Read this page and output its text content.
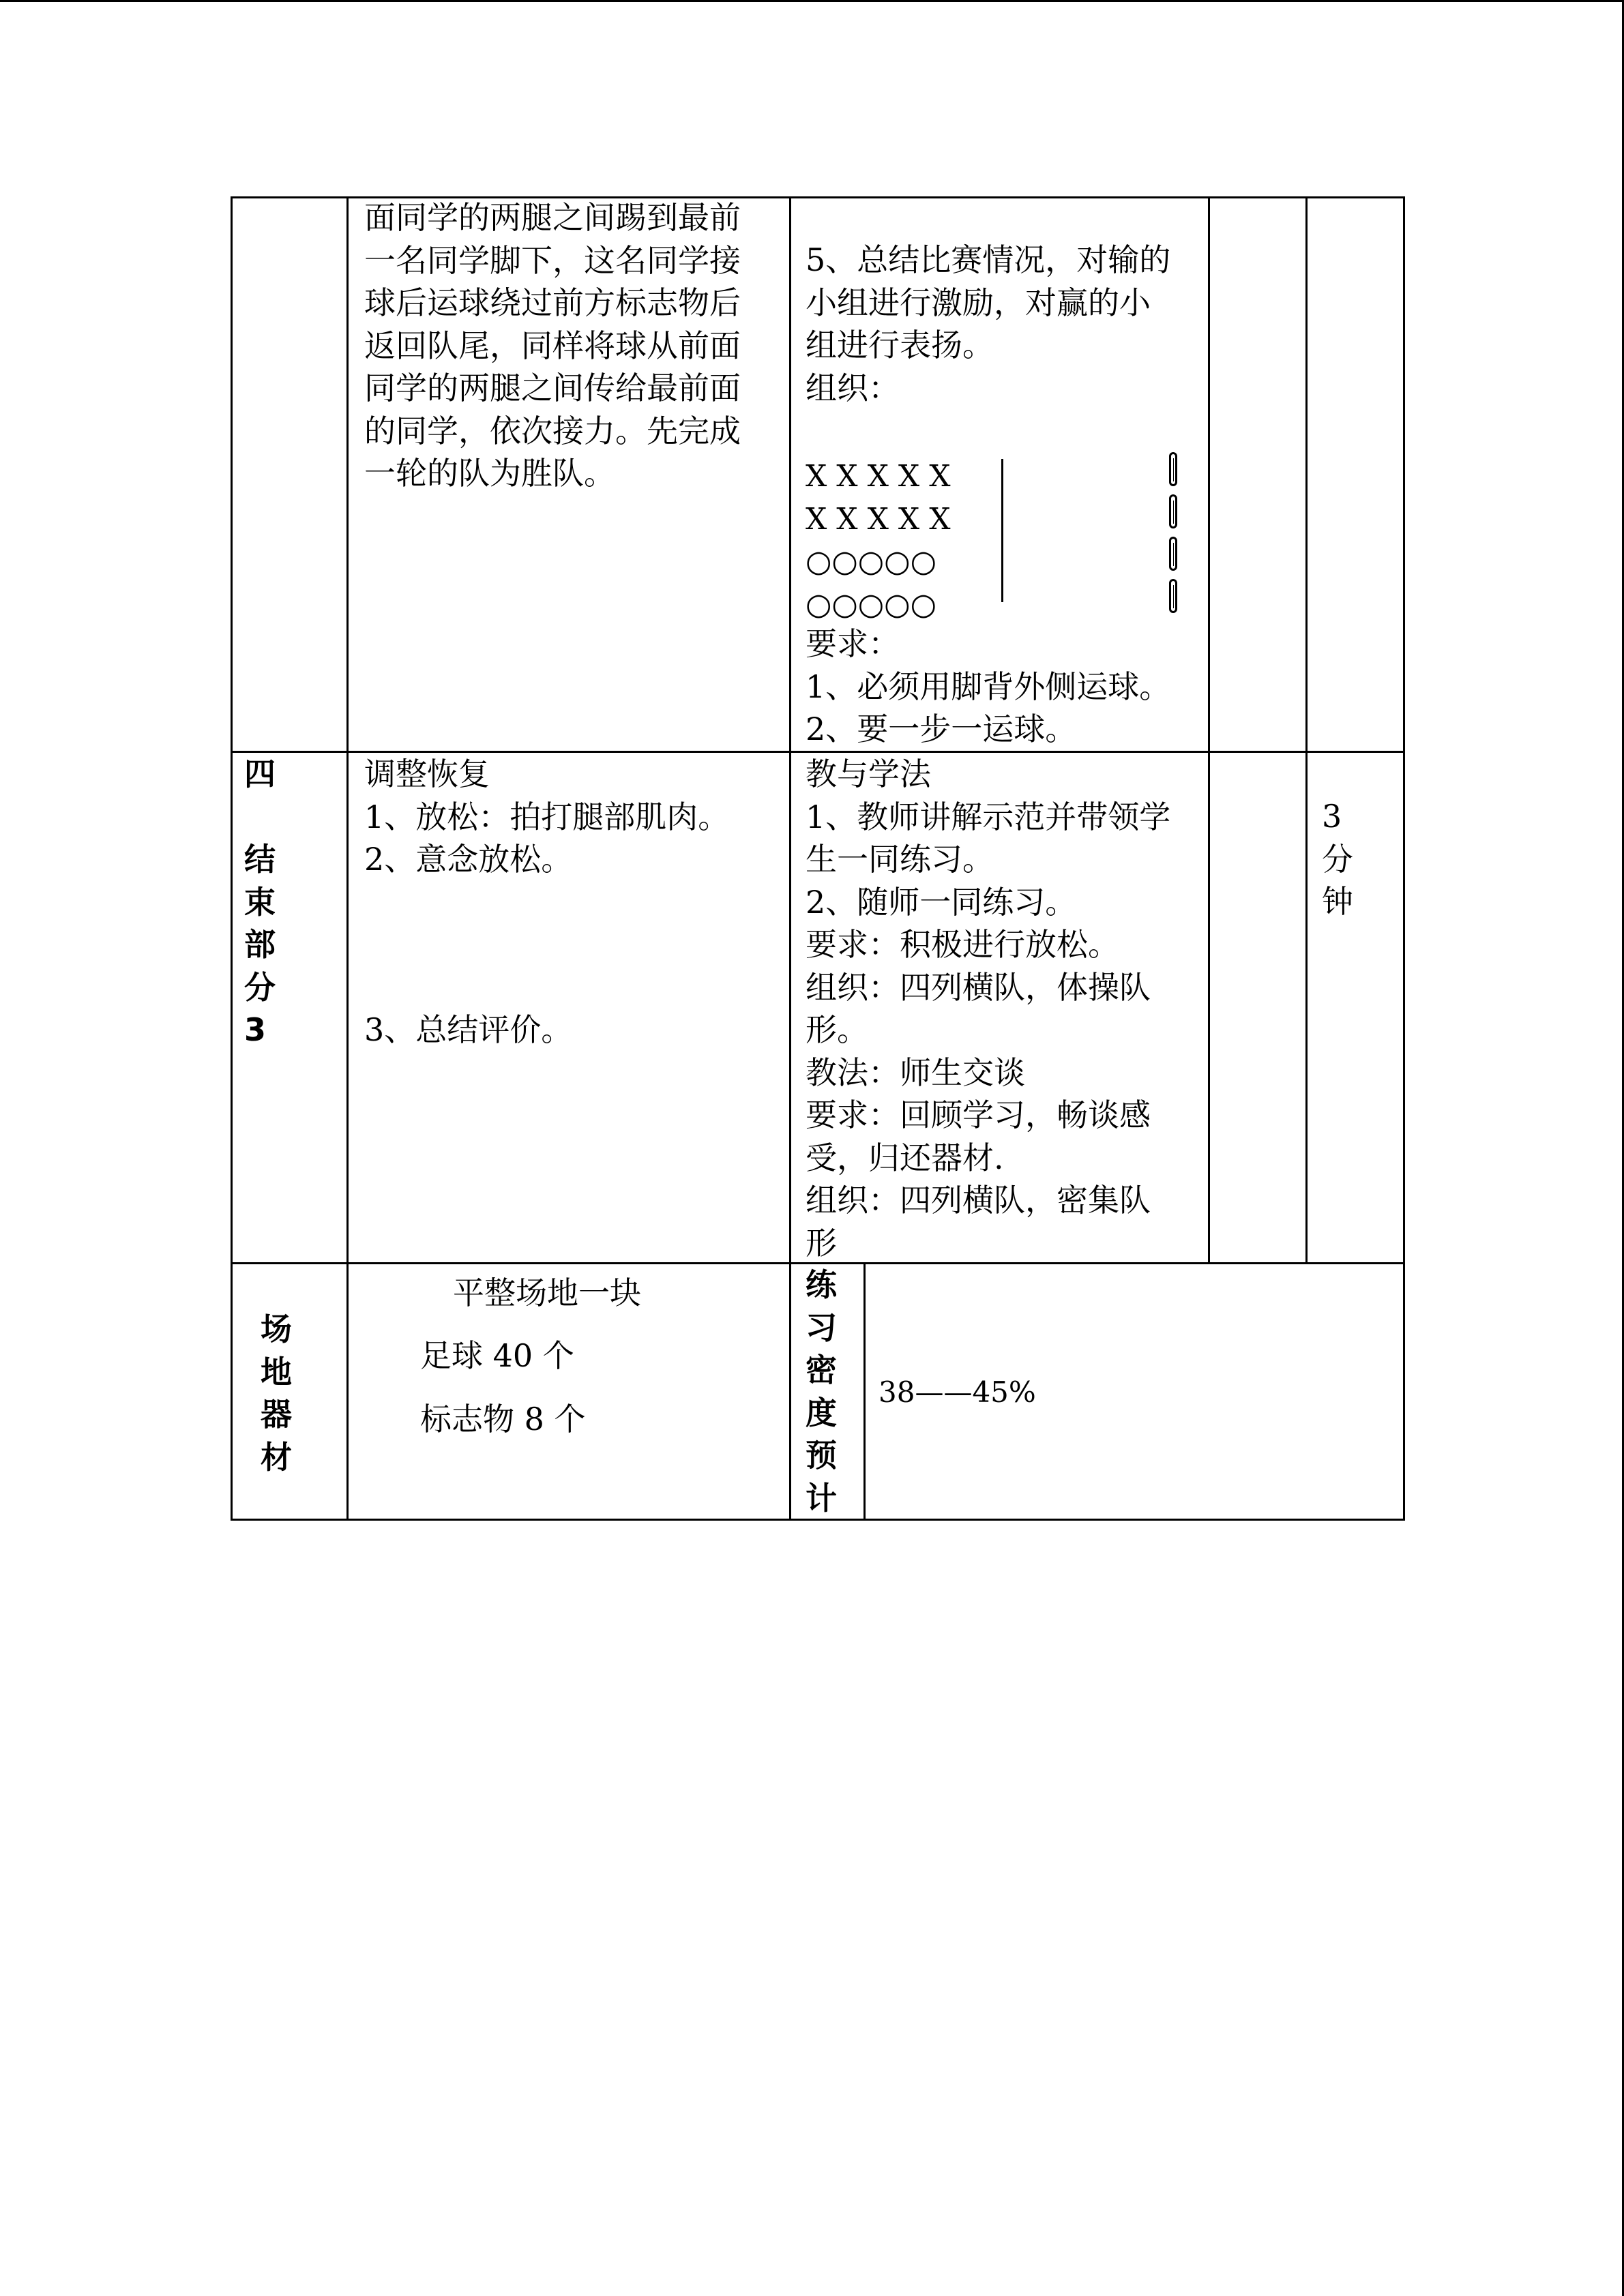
面同学的两腿之间踢到最前
一名同学脚下，这名同学接
球后运球绕过前方标志物后
返回队尾，同样将球从前面
同学的两腿之间传给最前面
的同学，依次接力。先完成
一轮的队为胜队。
5、总结比赛情况，对输的
小组进行激励，对赢的小
组进行表扬。
组织：
X X X X X
X X X X X
○○○○○
○○○○○
要求：
1、必须用脚背外侧运球。
2、要一步一运球。
四

结
束
部
分
3
调整恢复
1、放松：拍打腿部肌肉。
2、意念放松。
3、总结评价。
教与学法
1、教师讲解示范并带领学
生一同练习。
2、随师一同练习。
要求：积极进行放松。
组织：四列横队，体操队
形。
教法：师生交谈
要求：回顾学习，畅谈感
受，归还器材.
组织：四列横队，密集队
形
3
分
钟
场
地
器
材
平整场地一块
足球 40 个
标志物 8 个
练
习
密
度
预
计
38——45%
